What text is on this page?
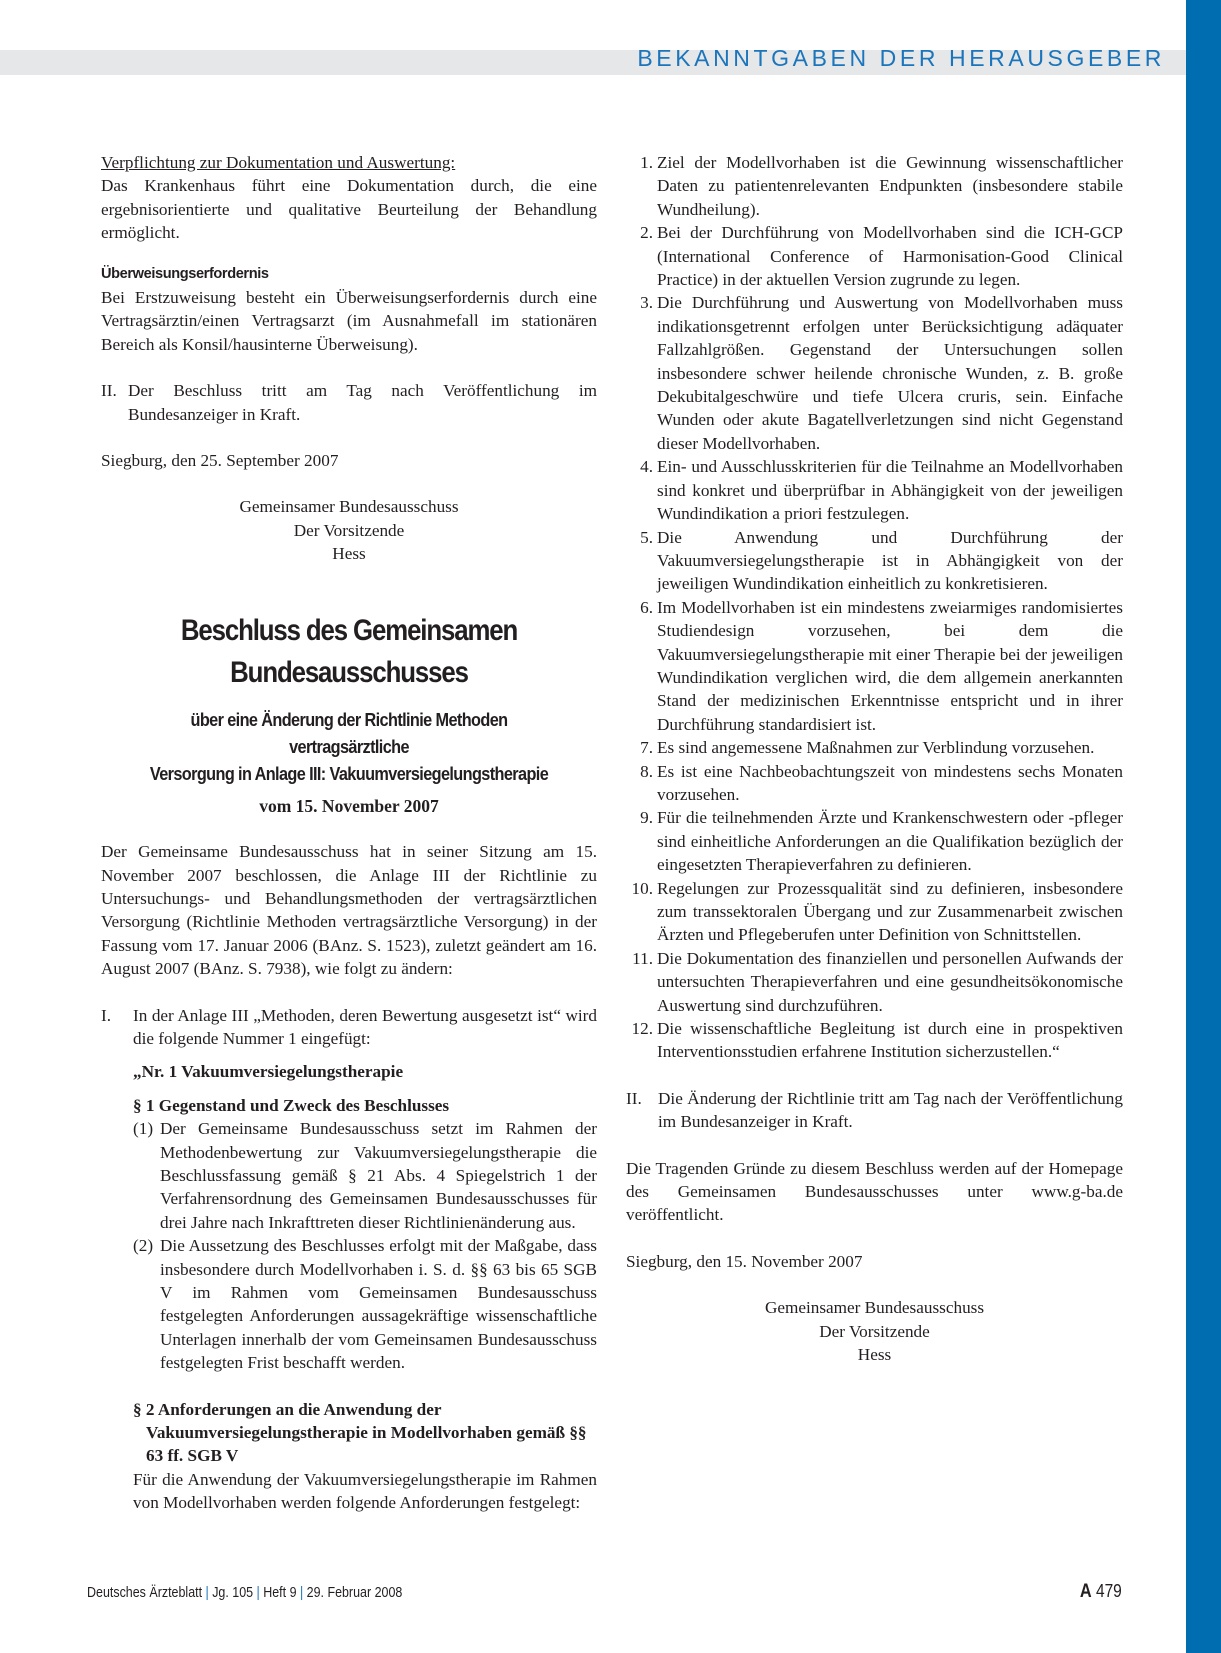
BEKANNTGABEN DER HERAUSGEBER
Verpflichtung zur Dokumentation und Auswertung:
Das Krankenhaus führt eine Dokumentation durch, die eine ergebnisorientierte und qualitative Beurteilung der Behandlung ermöglicht.
Überweisungserfordernis
Bei Erstzuweisung besteht ein Überweisungserfordernis durch eine Vertragsärztin/einen Vertragsarzt (im Ausnahmefall im stationären Bereich als Konsil/hausinterne Überweisung).
II. Der Beschluss tritt am Tag nach Veröffentlichung im Bundesanzeiger in Kraft.
Siegburg, den 25. September 2007
Gemeinsamer Bundesausschuss
Der Vorsitzende
Hess
Beschluss des Gemeinsamen
Bundesausschusses
über eine Änderung der Richtlinie Methoden vertragsärztliche
Versorgung in Anlage III: Vakuumversiegelungstherapie
vom 15. November 2007
Der Gemeinsame Bundesausschuss hat in seiner Sitzung am 15. November 2007 beschlossen, die Anlage III der Richtlinie zu Untersuchungs- und Behandlungsmethoden der vertragsärztlichen Versorgung (Richtlinie Methoden vertragsärztliche Versorgung) in der Fassung vom 17. Januar 2006 (BAnz. S. 1523), zuletzt geändert am 16. August 2007 (BAnz. S. 7938), wie folgt zu ändern:
I.	In der Anlage III „Methoden, deren Bewertung ausgesetzt ist“ wird die folgende Nummer 1 eingefügt:
„Nr. 1 Vakuumversiegelungstherapie
§ 1 Gegenstand und Zweck des Beschlusses
(1) Der Gemeinsame Bundesausschuss setzt im Rahmen der Methodenbewertung zur Vakuumversiegelungstherapie die Beschlussfassung gemäß § 21 Abs. 4 Spiegelstrich 1 der Verfahrensordnung des Gemeinsamen Bundesausschusses für drei Jahre nach Inkrafttreten dieser Richtlinienänderung aus.
(2) Die Aussetzung des Beschlusses erfolgt mit der Maßgabe, dass insbesondere durch Modellvorhaben i. S. d. §§ 63 bis 65 SGB V im Rahmen vom Gemeinsamen Bundesausschuss festgelegten Anforderungen aussagekräftige wissenschaftliche Unterlagen innerhalb der vom Gemeinsamen Bundesausschuss festgelegten Frist beschafft werden.
§ 2 Anforderungen an die Anwendung der Vakuumversiegelungstherapie in Modellvorhaben gemäß §§ 63 ff. SGB V
Für die Anwendung der Vakuumversiegelungstherapie im Rahmen von Modellvorhaben werden folgende Anforderungen festgelegt:
1. Ziel der Modellvorhaben ist die Gewinnung wissenschaftlicher Daten zu patientenrelevanten Endpunkten (insbesondere stabile Wundheilung).
2. Bei der Durchführung von Modellvorhaben sind die ICH-GCP (International Conference of Harmonisation-Good Clinical Practice) in der aktuellen Version zugrunde zu legen.
3. Die Durchführung und Auswertung von Modellvorhaben muss indikationsgetrennt erfolgen unter Berücksichtigung adäquater Fallzahlgrößen. Gegenstand der Untersuchungen sollen insbesondere schwer heilende chronische Wunden, z. B. große Dekubitalgeschwüre und tiefe Ulcera cruris, sein. Einfache Wunden oder akute Bagatellverletzungen sind nicht Gegenstand dieser Modellvorhaben.
4. Ein- und Ausschlusskriterien für die Teilnahme an Modellvorhaben sind konkret und überprüfbar in Abhängigkeit von der jeweiligen Wundindikation a priori festzulegen.
5. Die Anwendung und Durchführung der Vakuumversiegelungstherapie ist in Abhängigkeit von der jeweiligen Wundindikation einheitlich zu konkretisieren.
6. Im Modellvorhaben ist ein mindestens zweiarmiges randomisiertes Studiendesign vorzusehen, bei dem die Vakuumversiegelungstherapie mit einer Therapie bei der jeweiligen Wundindikation verglichen wird, die dem allgemein anerkannten Stand der medizinischen Erkenntnisse entspricht und in ihrer Durchführung standardisiert ist.
7. Es sind angemessene Maßnahmen zur Verblindung vorzusehen.
8. Es ist eine Nachbeobachtungszeit von mindestens sechs Monaten vorzusehen.
9. Für die teilnehmenden Ärzte und Krankenschwestern oder -pfleger sind einheitliche Anforderungen an die Qualifikation bezüglich der eingesetzten Therapieverfahren zu definieren.
10. Regelungen zur Prozessqualität sind zu definieren, insbesondere zum transsektoralen Übergang und zur Zusammenarbeit zwischen Ärzten und Pflegeberufen unter Definition von Schnittstellen.
11. Die Dokumentation des finanziellen und personellen Aufwands der untersuchten Therapieverfahren und eine gesundheitsökonomische Auswertung sind durchzuführen.
12. Die wissenschaftliche Begleitung ist durch eine in prospektiven Interventionsstudien erfahrene Institution sicherzustellen.“
II. Die Änderung der Richtlinie tritt am Tag nach der Veröffentlichung im Bundesanzeiger in Kraft.
Die Tragenden Gründe zu diesem Beschluss werden auf der Homepage des Gemeinsamen Bundesausschusses unter www.g-ba.de veröffentlicht.
Siegburg, den 15. November 2007
Gemeinsamer Bundesausschuss
Der Vorsitzende
Hess
Deutsches Ärzteblatt | Jg. 105 | Heft 9 | 29. Februar 2008	A 479
